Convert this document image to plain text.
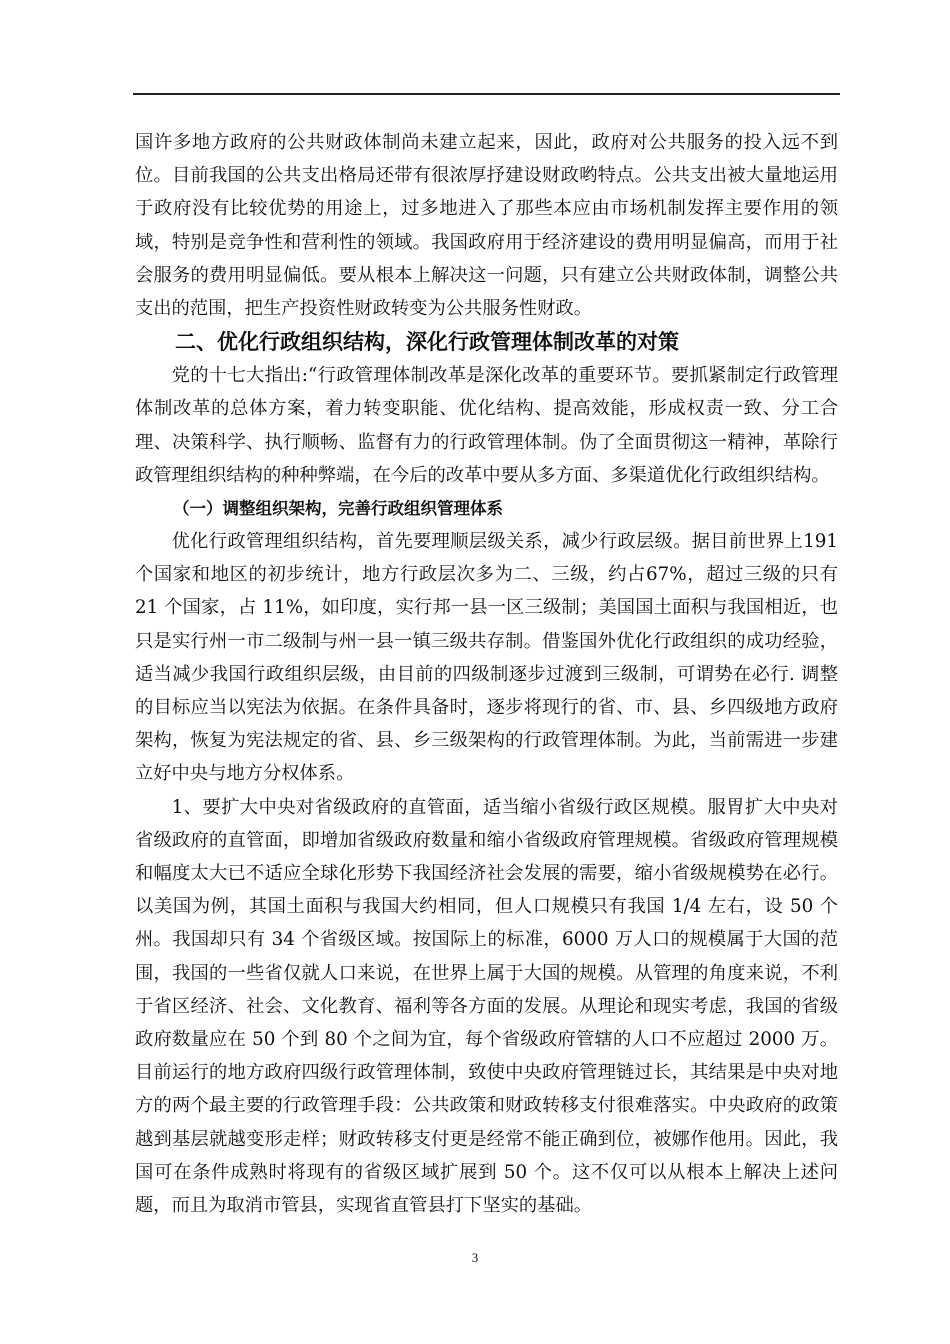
国许多地方政府的公共财政体制尚未建立起来，因此，政府对公共服务的投入远不到位。目前我国的公共支出格局还带有很浓厚抒建设财政哟特点。公共支出被大量地运用于政府没有比较优势的用途上，过多地进入了那些本应由市场机制发挥主要作用的领域，特别是竞争性和营利性的领域。我国政府用于经济建设的费用明显偏高，而用于社会服务的费用明显偏低。要从根本上解决这一问题，只有建立公共财政体制，调整公共支出的范围，把生产投资性财政转变为公共服务性财政。

二、优化行政组织结构，深化行政管理体制改革的对策

党的十七大指出:“行政管理体制改革是深化改革的重要环节。要抓紧制定行政管理体制改革的总体方案，着力转变职能、优化结构、提高效能，形成权责一致、分工合理、决策科学、执行顺畅、监督有力的行政管理体制。伪了全面贯彻这一精神，革除行政管理组织结构的种种弊端，在今后的改革中要从多方面、多渠道优化行政组织结构。

（一）调整组织架构，完善行政组织管理体系

优化行政管理组织结构，首先要理顺层级关系，减少行政层级。据目前世界上191 个国家和地区的初步统计，地方行政层次多为二、三级，约占67%，超过三级的只有 21 个国家，占 11%，如印度，实行邦一县一区三级制；美国国土面积与我国相近，也只是实行州一市二级制与州一县一镇三级共存制。借鉴国外优化行政组织的成功经验，适当减少我国行政组织层级，由目前的四级制逐步过渡到三级制，可谓势在必行. 调整的目标应当以宪法为依据。在条件具备时，逐步将现行的省、市、县、乡四级地方政府架构，恢复为宪法规定的省、县、乡三级架构的行政管理体制。为此，当前需进一步建立好中央与地方分权体系。

1、要扩大中央对省级政府的直管面，适当缩小省级行政区规模。服胃扩大中央对省级政府的直管面，即增加省级政府数量和缩小省级政府管理规模。省级政府管理规模和幅度太大已不适应全球化形势下我国经济社会发展的需要，缩小省级规模势在必行。以美国为例，其国土面积与我国大约相同，但人口规模只有我国 1/4 左右，设 50 个州。我国却只有 34 个省级区域。按国际上的标准，6000 万人口的规模属于大国的范围，我国的一些省仅就人口来说，在世界上属于大国的规模。从管理的角度来说，不利于省区经济、社会、文化教育、福利等各方面的发展。从理论和现实考虑，我国的省级政府数量应在 50 个到 80 个之间为宜，每个省级政府管辖的人口不应超过 2000 万。目前运行的地方政府四级行政管理体制，致使中央政府管理链过长，其结果是中央对地方的两个最主要的行政管理手段：公共政策和财政转移支付很难落实。中央政府的政策越到基层就越变形走样；财政转移支付更是经常不能正确到位，被娜作他用。因此，我国可在条件成熟时将现有的省级区域扩展到 50 个。这不仅可以从根本上解决上述问题，而且为取消市管县，实现省直管县打下坚实的基础。

3
